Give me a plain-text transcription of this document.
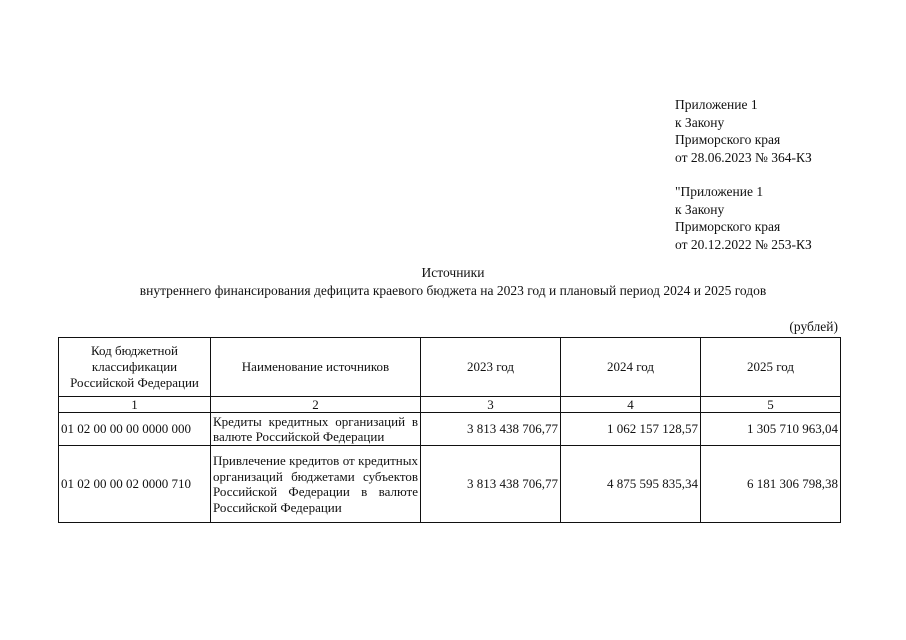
Приложение 1
к Закону
Приморского края
от 28.06.2023 № 364-КЗ
"Приложение 1
к Закону
Приморского края
от 20.12.2022 № 253-КЗ
Источники
внутреннего финансирования дефицита краевого бюджета на 2023 год и плановый период 2024 и 2025 годов
(рублей)
Код бюджетной классификации Российской Федерации	Наименование источников	2023 год	2024 год	2025 год
1	2	3	4	5
01 02 00 00 00 0000 000	Кредиты кредитных организаций в валюте Российской Федерации	3 813 438 706,77	1 062 157 128,57	1 305 710 963,04
01 02 00 00 02 0000 710	Привлечение кредитов от кредитных организаций бюджетами субъектов Российской Федерации в валюте Российской Федерации	3 813 438 706,77	4 875 595 835,34	6 181 306 798,38
